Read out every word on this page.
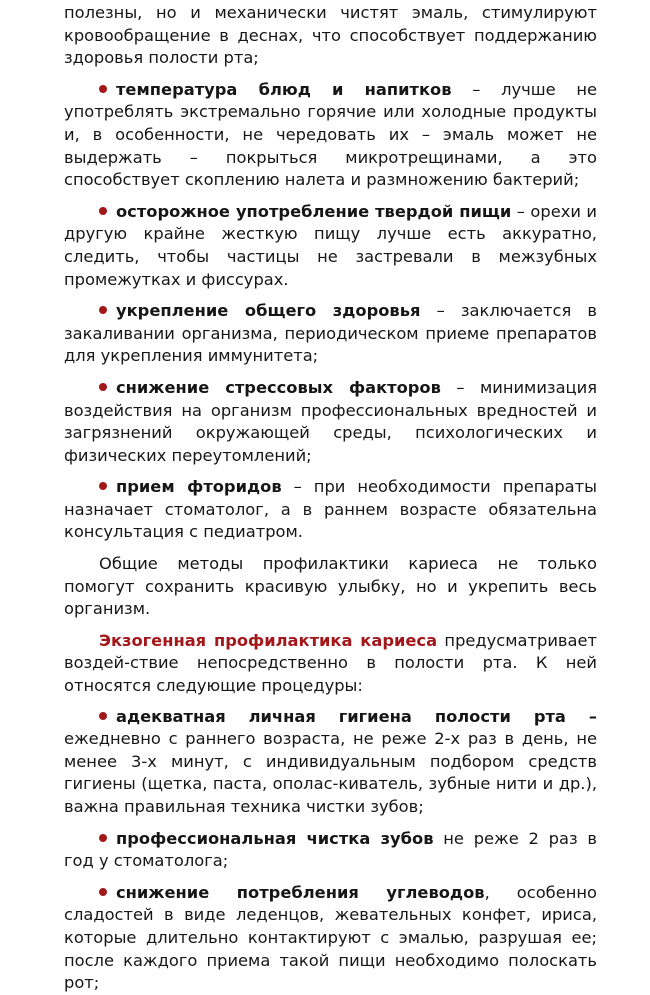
полезны, но и механически чистят эмаль, стимулируют кровообращение в деснах, что способствует поддержанию здоровья полости рта;

температура блюд и напитков – лучше не употреблять экстремально горячие или холодные продукты и, в особенности, не чередовать их – эмаль может не выдержать – покрыться микротрещинами, а это способствует скоплению налета и размножению бактерий;

осторожное употребление твердой пищи – орехи и другую крайне жесткую пищу лучше есть аккуратно, следить, чтобы частицы не застревали в межзубных промежутках и фиссурах.

укрепление общего здоровья – заключается в закаливании организма, периодическом приеме препаратов для укрепления иммунитета;

снижение стрессовых факторов – минимизация воздействия на организм профессиональных вредностей и загрязнений окружающей среды, психологических и физических переутомлений;

прием фторидов – при необходимости препараты назначает стоматолог, а в раннем возрасте обязательна консультация с педиатром.

Общие методы профилактики кариеса не только помогут сохранить красивую улыбку, но и укрепить весь организм.

Экзогенная профилактика кариеса предусматривает воздей-ствие непосредственно в полости рта. К ней относятся следующие процедуры:

адекватная личная гигиена полости рта – ежедневно с раннего возраста, не реже 2-х раз в день, не менее 3-х минут, с индивидуальным подбором средств гигиены (щетка, паста, ополас-киватель, зубные нити и др.), важна правильная техника чистки зубов;

профессиональная чистка зубов не реже 2 раз в год у стоматолога;

снижение потребления углеводов, особенно сладостей в виде леденцов, жевательных конфет, ириса, которые длительно контактируют с эмалью, разрушая ее; после каждого приема такой пищи необходимо полоскать рот;
